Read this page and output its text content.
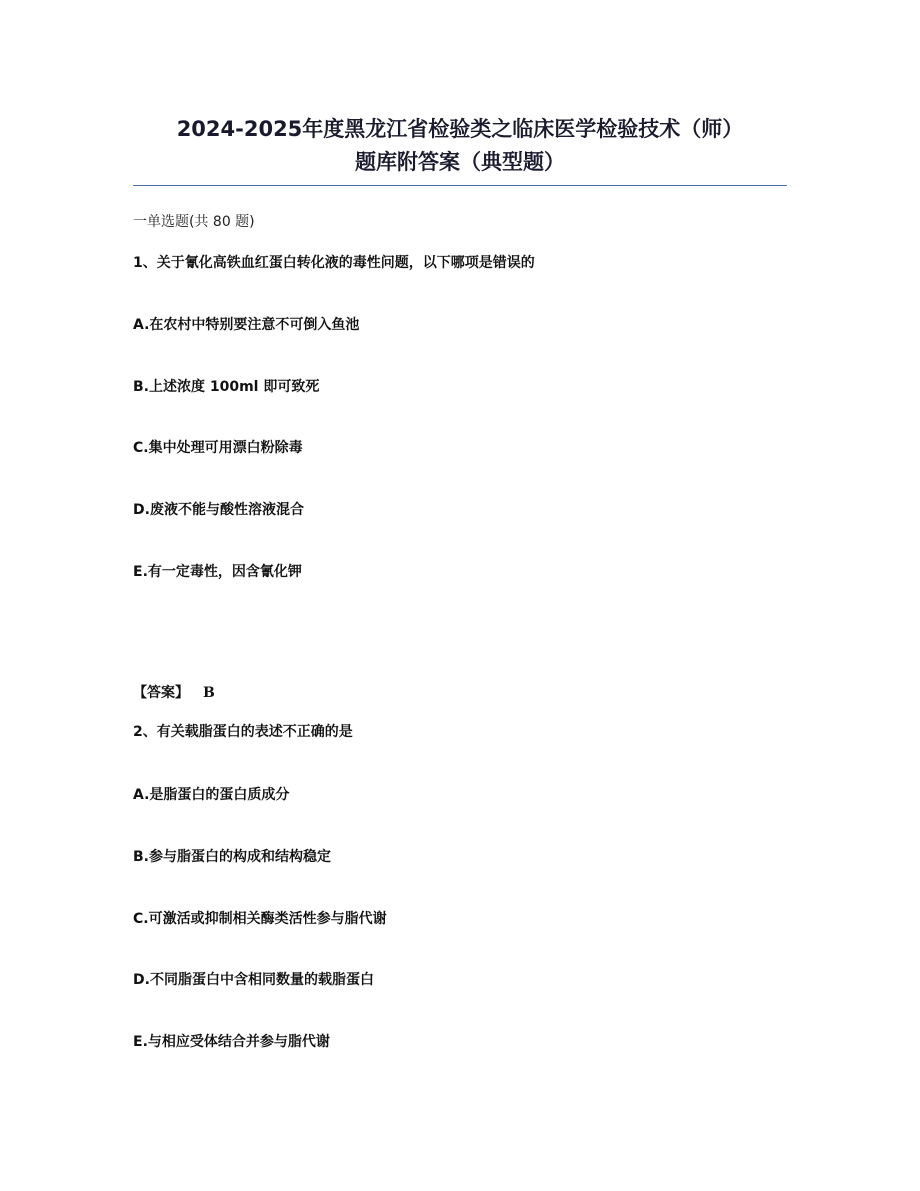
2024-2025年度黑龙江省检验类之临床医学检验技术（师）
题库附答案（典型题）
一单选题(共 80 题)
1、关于氰化高铁血红蛋白转化液的毒性问题，以下哪项是错误的
A.在农村中特别要注意不可倒入鱼池
B.上述浓度 100ml 即可致死
C.集中处理可用漂白粉除毒
D.废液不能与酸性溶液混合
E.有一定毒性，因含氰化钾
【答案】 B
2、有关载脂蛋白的表述不正确的是
A.是脂蛋白的蛋白质成分
B.参与脂蛋白的构成和结构稳定
C.可激活或抑制相关酶类活性参与脂代谢
D.不同脂蛋白中含相同数量的载脂蛋白
E.与相应受体结合并参与脂代谢
